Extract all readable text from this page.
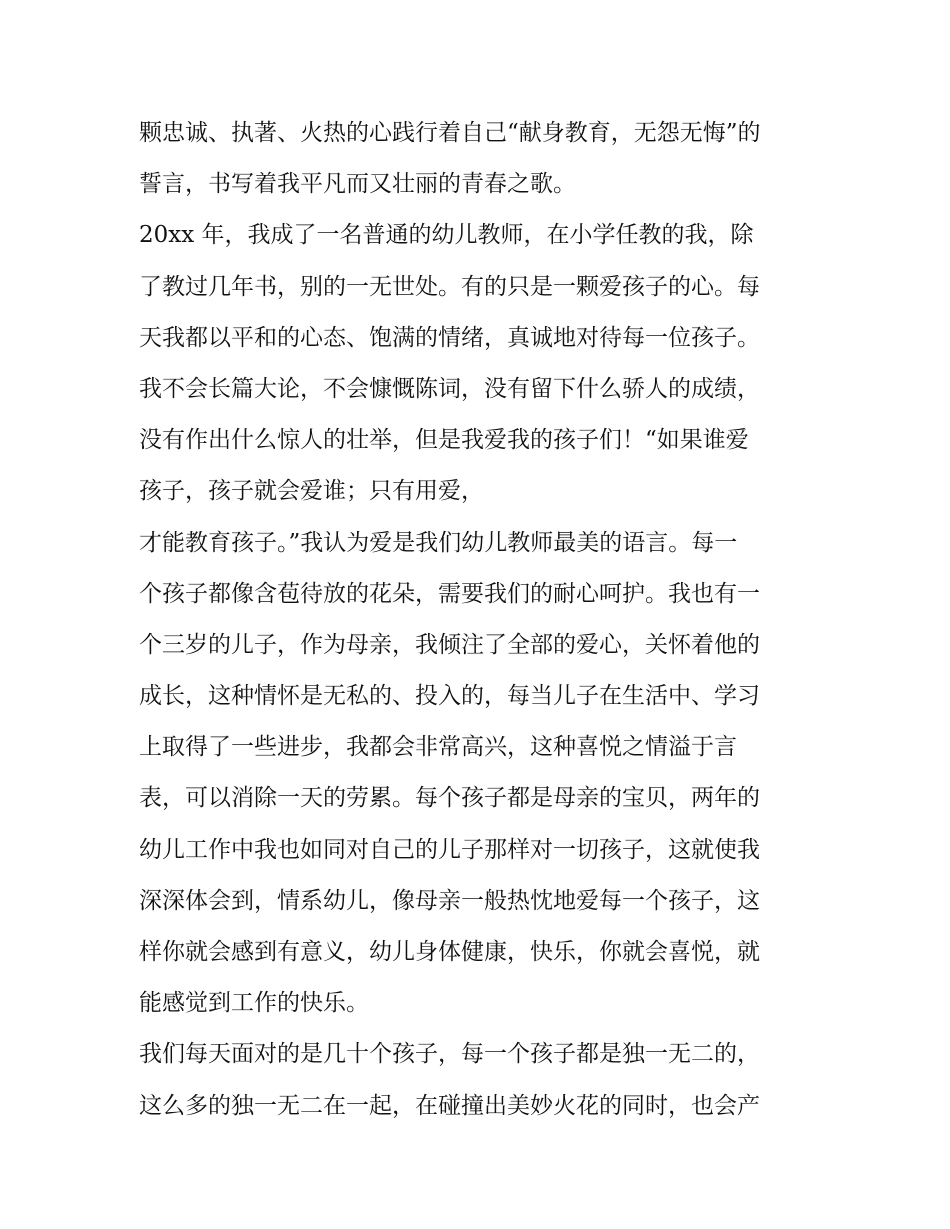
颗忠诚、执著、火热的心践行着自己“献身教育，无怨无悔”的
誓言，书写着我平凡而又壮丽的青春之歌。
20xx 年，我成了一名普通的幼儿教师，在小学任教的我，除
了教过几年书，别的一无世处。有的只是一颗爱孩子的心。每
天我都以平和的心态、饱满的情绪，真诚地对待每一位孩子。
我不会长篇大论，不会慷慨陈词，没有留下什么骄人的成绩，
没有作出什么惊人的壮举，但是我爱我的孩子们！“如果谁爱
孩子，孩子就会爱谁；只有用爱，
才能教育孩子。”我认为爱是我们幼儿教师最美的语言。每一
个孩子都像含苞待放的花朵，需要我们的耐心呵护。我也有一
个三岁的儿子，作为母亲，我倾注了全部的爱心，关怀着他的
成长，这种情怀是无私的、投入的，每当儿子在生活中、学习
上取得了一些进步，我都会非常高兴，这种喜悦之情溢于言
表，可以消除一天的劳累。每个孩子都是母亲的宝贝，两年的
幼儿工作中我也如同对自己的儿子那样对一切孩子，这就使我
深深体会到，情系幼儿，像母亲一般热忱地爱每一个孩子，这
样你就会感到有意义，幼儿身体健康，快乐，你就会喜悦，就
能感觉到工作的快乐。
我们每天面对的是几十个孩子，每一个孩子都是独一无二的，
这么多的独一无二在一起，在碰撞出美妙火花的同时，也会产
